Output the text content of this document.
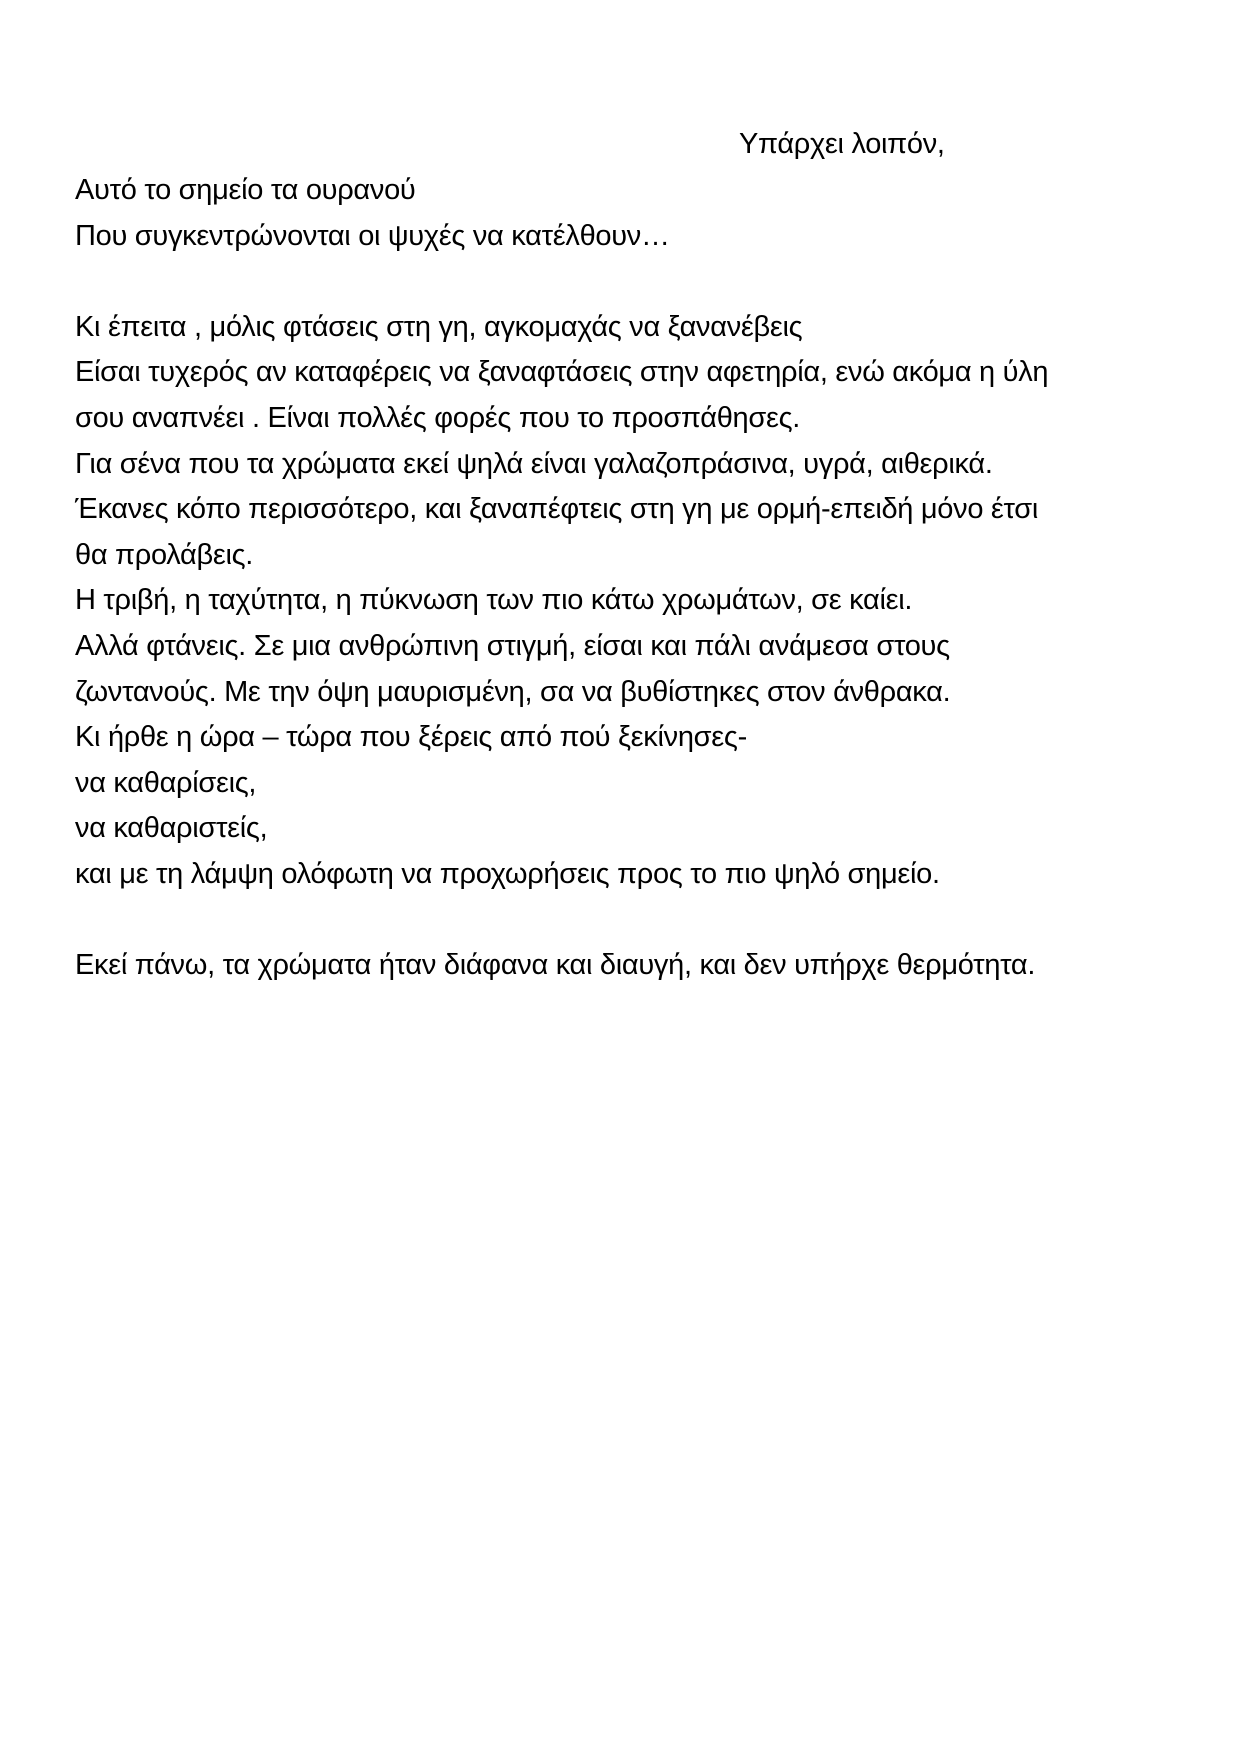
Υπάρχει λοιπόν,
Αυτό το σημείο τα ουρανού
Που συγκεντρώνονται οι ψυχές να κατέλθουν…
Κι έπειτα , μόλις φτάσεις στη γη, αγκομαχάς να ξανανέβεις
Είσαι τυχερός αν καταφέρεις να ξαναφτάσεις στην αφετηρία, ενώ ακόμα η ύλη
σου αναπνέει . Είναι πολλές φορές που το προσπάθησες.
Για σένα που τα χρώματα εκεί ψηλά είναι γαλαζοπράσινα, υγρά, αιθερικά.
Έκανες κόπο περισσότερο, και ξαναπέφτεις στη γη με ορμή-επειδή μόνο έτσι
θα προλάβεις.
Η τριβή, η ταχύτητα, η πύκνωση των πιο κάτω χρωμάτων, σε καίει.
Αλλά φτάνεις. Σε μια ανθρώπινη στιγμή, είσαι και πάλι ανάμεσα στους
ζωντανούς. Με την όψη μαυρισμένη, σα να βυθίστηκες στον άνθρακα.
Κι ήρθε η ώρα – τώρα που ξέρεις από πού ξεκίνησες-
να καθαρίσεις,
να καθαριστείς,
και με τη λάμψη ολόφωτη να προχωρήσεις προς το πιο ψηλό σημείο.
Εκεί πάνω, τα χρώματα ήταν διάφανα και διαυγή, και δεν υπήρχε θερμότητα.
